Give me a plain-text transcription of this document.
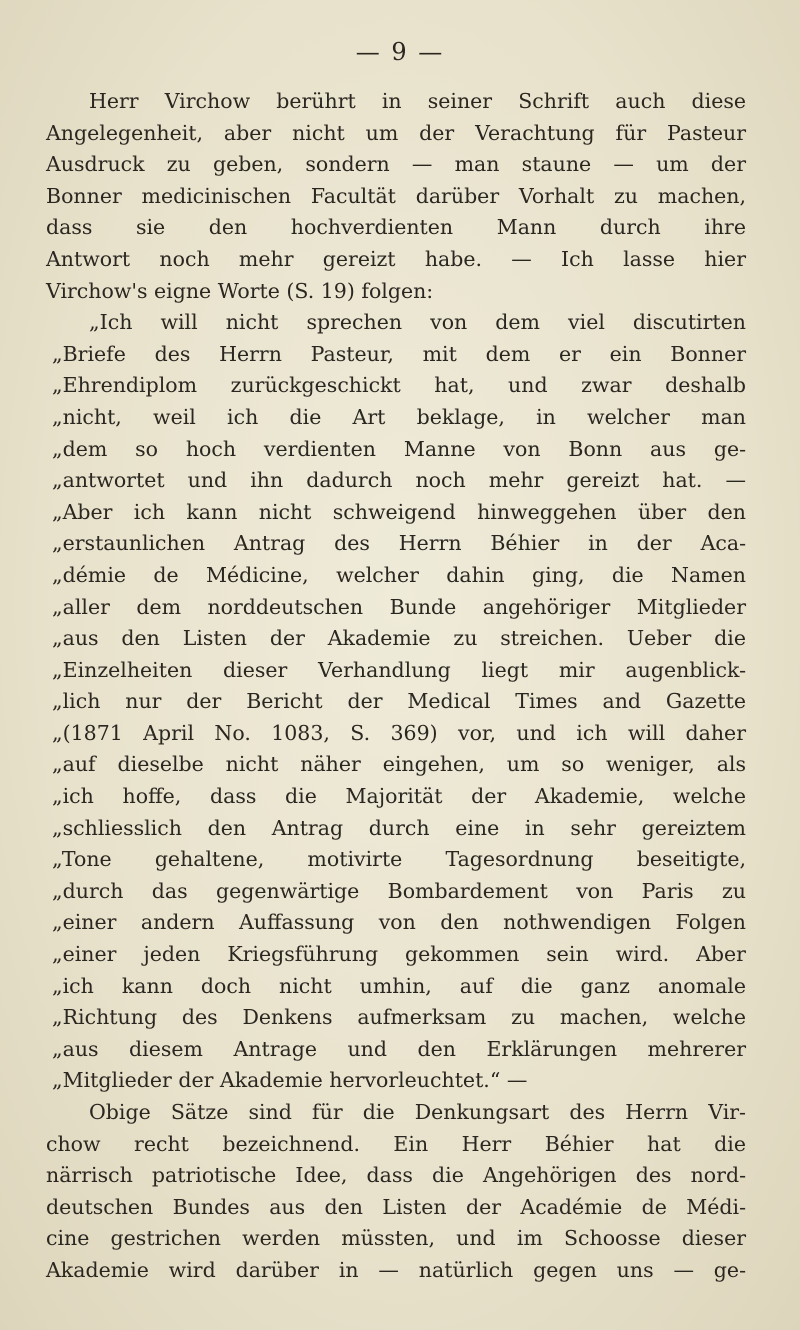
— 9 —
Herr Virchow berührt in seiner Schrift auch diese
Angelegenheit, aber nicht um der Verachtung für Pasteur
Ausdruck zu geben, sondern — man staune — um der
Bonner medicinischen Facultät darüber Vorhalt zu machen,
dass sie den hochverdienten Mann durch ihre
Antwort noch mehr gereizt habe. — Ich lasse hier
Virchow's eigne Worte (S. 19) folgen:
„Ich will nicht sprechen von dem viel discutirten
„Briefe des Herrn Pasteur, mit dem er ein Bonner
„Ehrendiplom zurückgeschickt hat, und zwar deshalb
„nicht, weil ich die Art beklage, in welcher man
„dem so hoch verdienten Manne von Bonn aus ge-
„antwortet und ihn dadurch noch mehr gereizt hat. —
„Aber ich kann nicht schweigend hinweggehen über den
„erstaunlichen Antrag des Herrn Béhier in der Aca-
„démie de Médicine, welcher dahin ging, die Namen
„aller dem norddeutschen Bunde angehöriger Mitglieder
„aus den Listen der Akademie zu streichen. Ueber die
„Einzelheiten dieser Verhandlung liegt mir augenblick-
„lich nur der Bericht der Medical Times and Gazette
„(1871 April No. 1083, S. 369) vor, und ich will daher
„auf dieselbe nicht näher eingehen, um so weniger, als
„ich hoffe, dass die Majorität der Akademie, welche
„schliesslich den Antrag durch eine in sehr gereiztem
„Tone gehaltene, motivirte Tagesordnung beseitigte,
„durch das gegenwärtige Bombardement von Paris zu
„einer andern Auffassung von den nothwendigen Folgen
„einer jeden Kriegsführung gekommen sein wird. Aber
„ich kann doch nicht umhin, auf die ganz anomale
„Richtung des Denkens aufmerksam zu machen, welche
„aus diesem Antrage und den Erklärungen mehrerer
„Mitglieder der Akademie hervorleuchtet.“ —
Obige Sätze sind für die Denkungsart des Herrn Vir-
chow recht bezeichnend. Ein Herr Béhier hat die
närrisch patriotische Idee, dass die Angehörigen des nord-
deutschen Bundes aus den Listen der Académie de Médi-
cine gestrichen werden müssten, und im Schoosse dieser
Akademie wird darüber in — natürlich gegen uns — ge-
